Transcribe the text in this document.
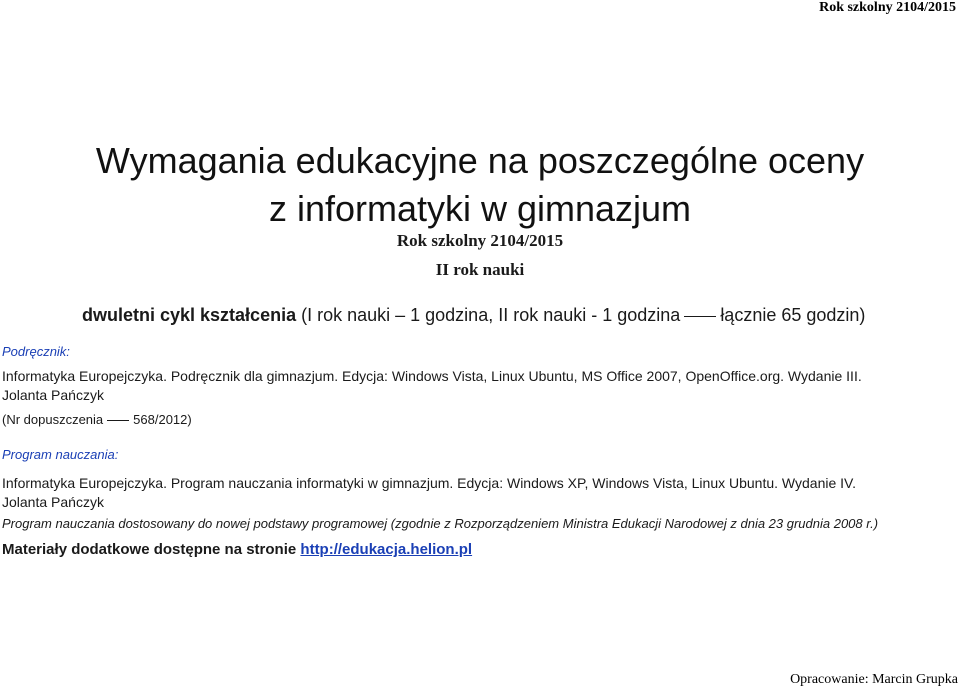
Rok szkolny 2104/2015
Wymagania edukacyjne na poszczególne oceny
z informatyki w gimnazjum
Rok szkolny 2104/2015
II rok nauki
dwuletni cykl kształcenia (I rok nauki – 1 godzina, II rok nauki - 1 godzina łącznie 65 godzin)
Podręcznik:
Informatyka Europejczyka. Podręcznik dla gimnazjum. Edycja: Windows Vista, Linux Ubuntu, MS Office 2007, OpenOffice.org. Wydanie III.
Jolanta Pańczyk
(Nr dopuszczenia 568/2012)
Program nauczania:
Informatyka Europejczyka. Program nauczania informatyki w gimnazjum. Edycja: Windows XP, Windows Vista, Linux Ubuntu. Wydanie IV.
Jolanta Pańczyk
Program nauczania dostosowany do nowej podstawy programowej (zgodnie z Rozporządzeniem Ministra Edukacji Narodowej z dnia 23 grudnia 2008 r.)
Materiały dodatkowe dostępne na stronie http://edukacja.helion.pl
Opracowanie: Marcin Grupka
